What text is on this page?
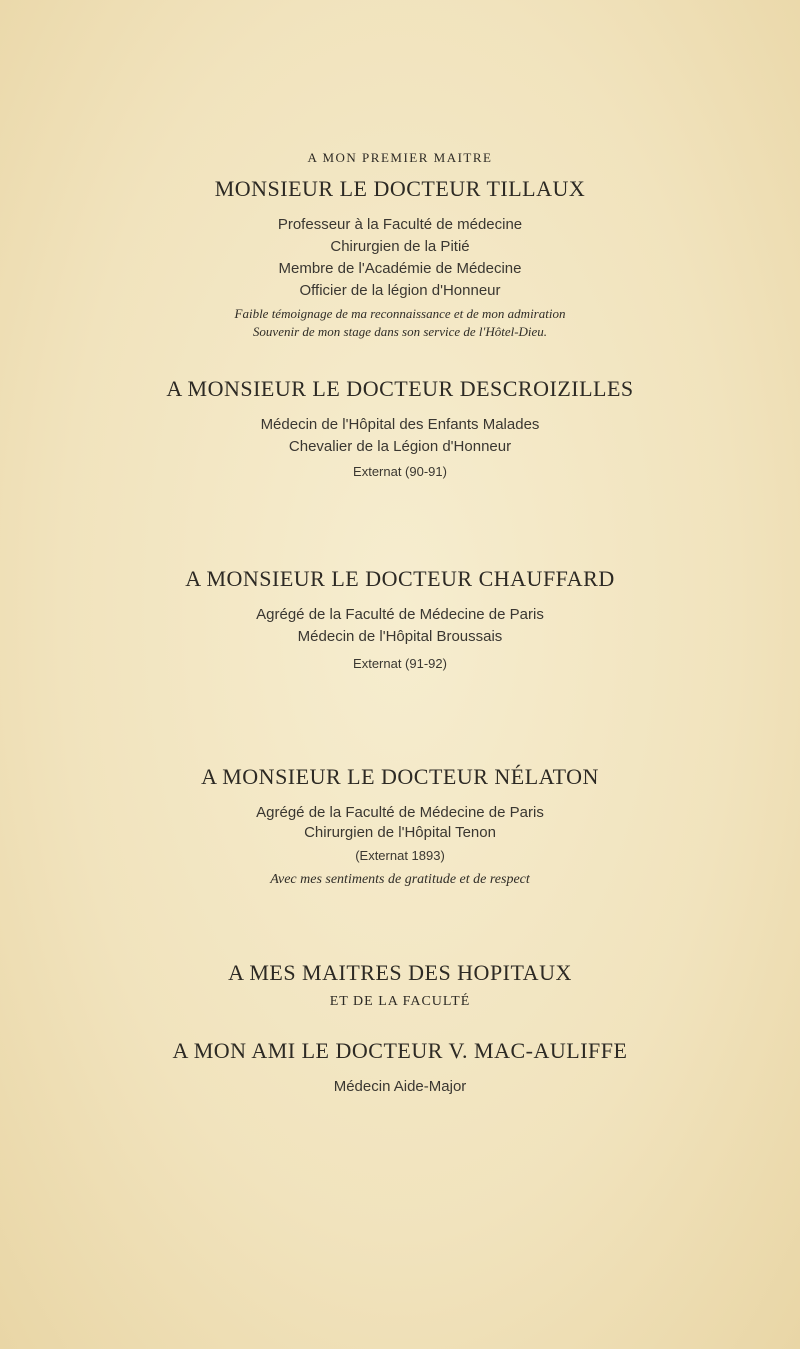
A MON PREMIER MAITRE
MONSIEUR LE DOCTEUR TILLAUX
Professeur à la Faculté de médecine
Chirurgien de la Pitié
Membre de l'Académie de Médecine
Officier de la légion d'Honneur
Faible témoignage de ma reconnaissance et de mon admiration
Souvenir de mon stage dans son service de l'Hôtel-Dieu.
A MONSIEUR LE DOCTEUR DESCROIZILLES
Médecin de l'Hôpital des Enfants Malades
Chevalier de la Légion d'Honneur
Externat (90-91)
A MONSIEUR LE DOCTEUR CHAUFFARD
Agrégé de la Faculté de Médecine de Paris
Médecin de l'Hôpital Broussais
Externat (91-92)
A MONSIEUR LE DOCTEUR NÉLATON
Agrégé de la Faculté de Médecine de Paris
Chirurgien de l'Hôpital Tenon
(Externat 1893)
Avec mes sentiments de gratitude et de respect
A MES MAITRES DES HOPITAUX
ET DE LA FACULTÉ
A MON AMI LE DOCTEUR V. MAC-AULIFFE
Médecin Aide-Major
